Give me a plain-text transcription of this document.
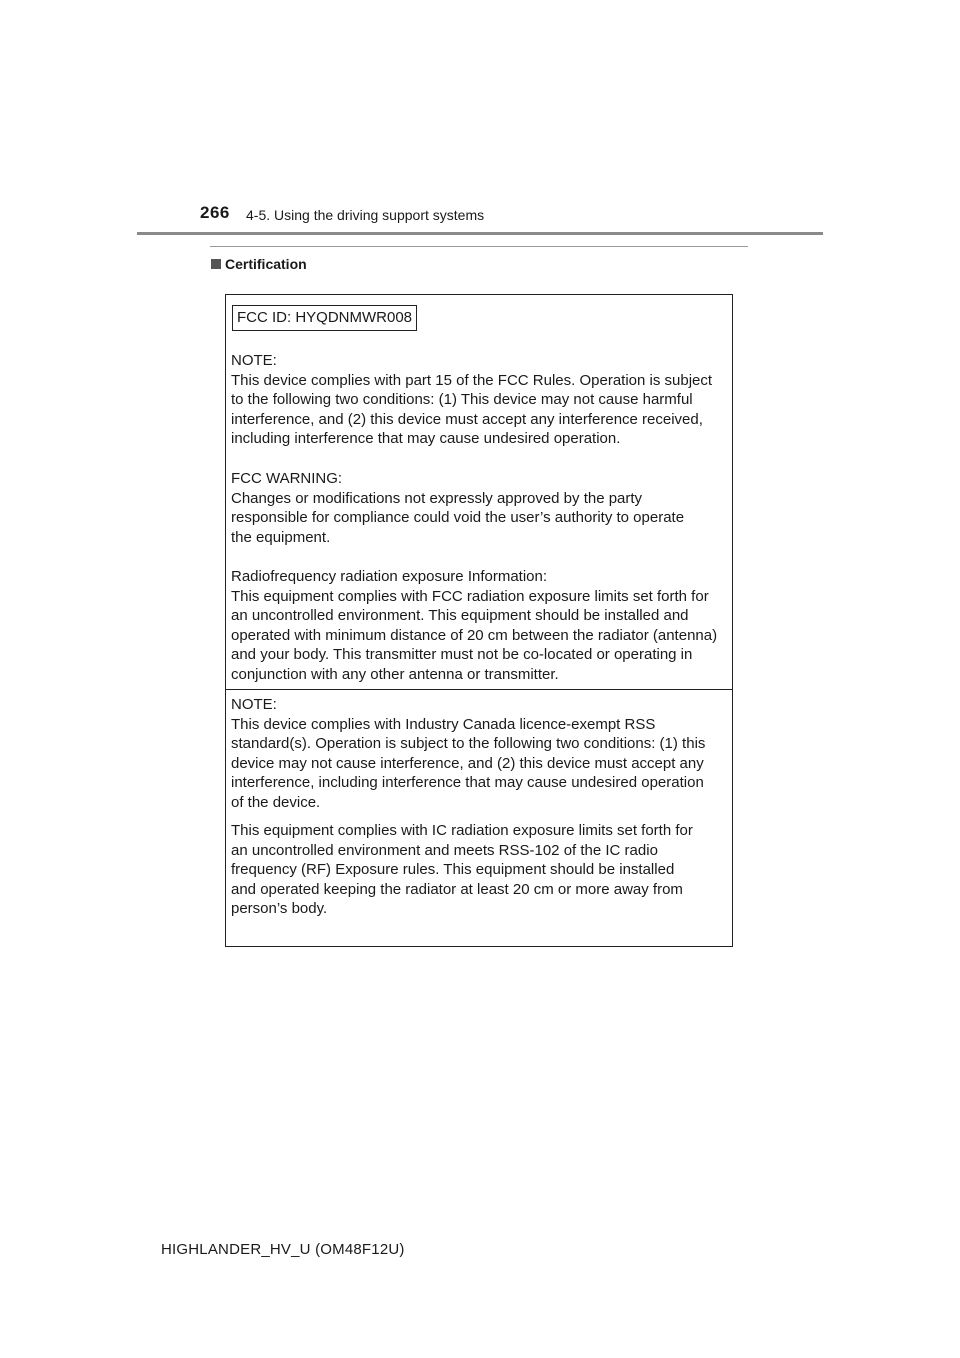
266 4-5. Using the driving support systems
Certification
FCC ID: HYQDNMWR008
NOTE:
This device complies with part 15 of the FCC Rules. Operation is subject
to the following two conditions: (1) This device may not cause harmful
interference, and (2) this device must accept any interference received,
including interference that may cause undesired operation.
FCC WARNING:
Changes or modifications not expressly approved by the party
responsible for compliance could void the user’s authority to operate
the equipment.
Radiofrequency radiation exposure Information:
This equipment complies with FCC radiation exposure limits set forth for
an uncontrolled environment. This equipment should be installed and
operated with minimum distance of 20 cm between the radiator (antenna)
and your body. This transmitter must not be co-located or operating in
conjunction with any other antenna or transmitter.
NOTE:
This device complies with Industry Canada licence-exempt RSS
standard(s). Operation is subject to the following two conditions: (1) this
device may not cause interference, and (2) this device must accept any
interference, including interference that may cause undesired operation
of the device.
This equipment complies with IC radiation exposure limits set forth for
an uncontrolled environment and meets RSS-102 of the IC radio
frequency (RF) Exposure rules. This equipment should be installed
and operated keeping the radiator at least 20 cm or more away from
person’s body.
HIGHLANDER_HV_U (OM48F12U)
